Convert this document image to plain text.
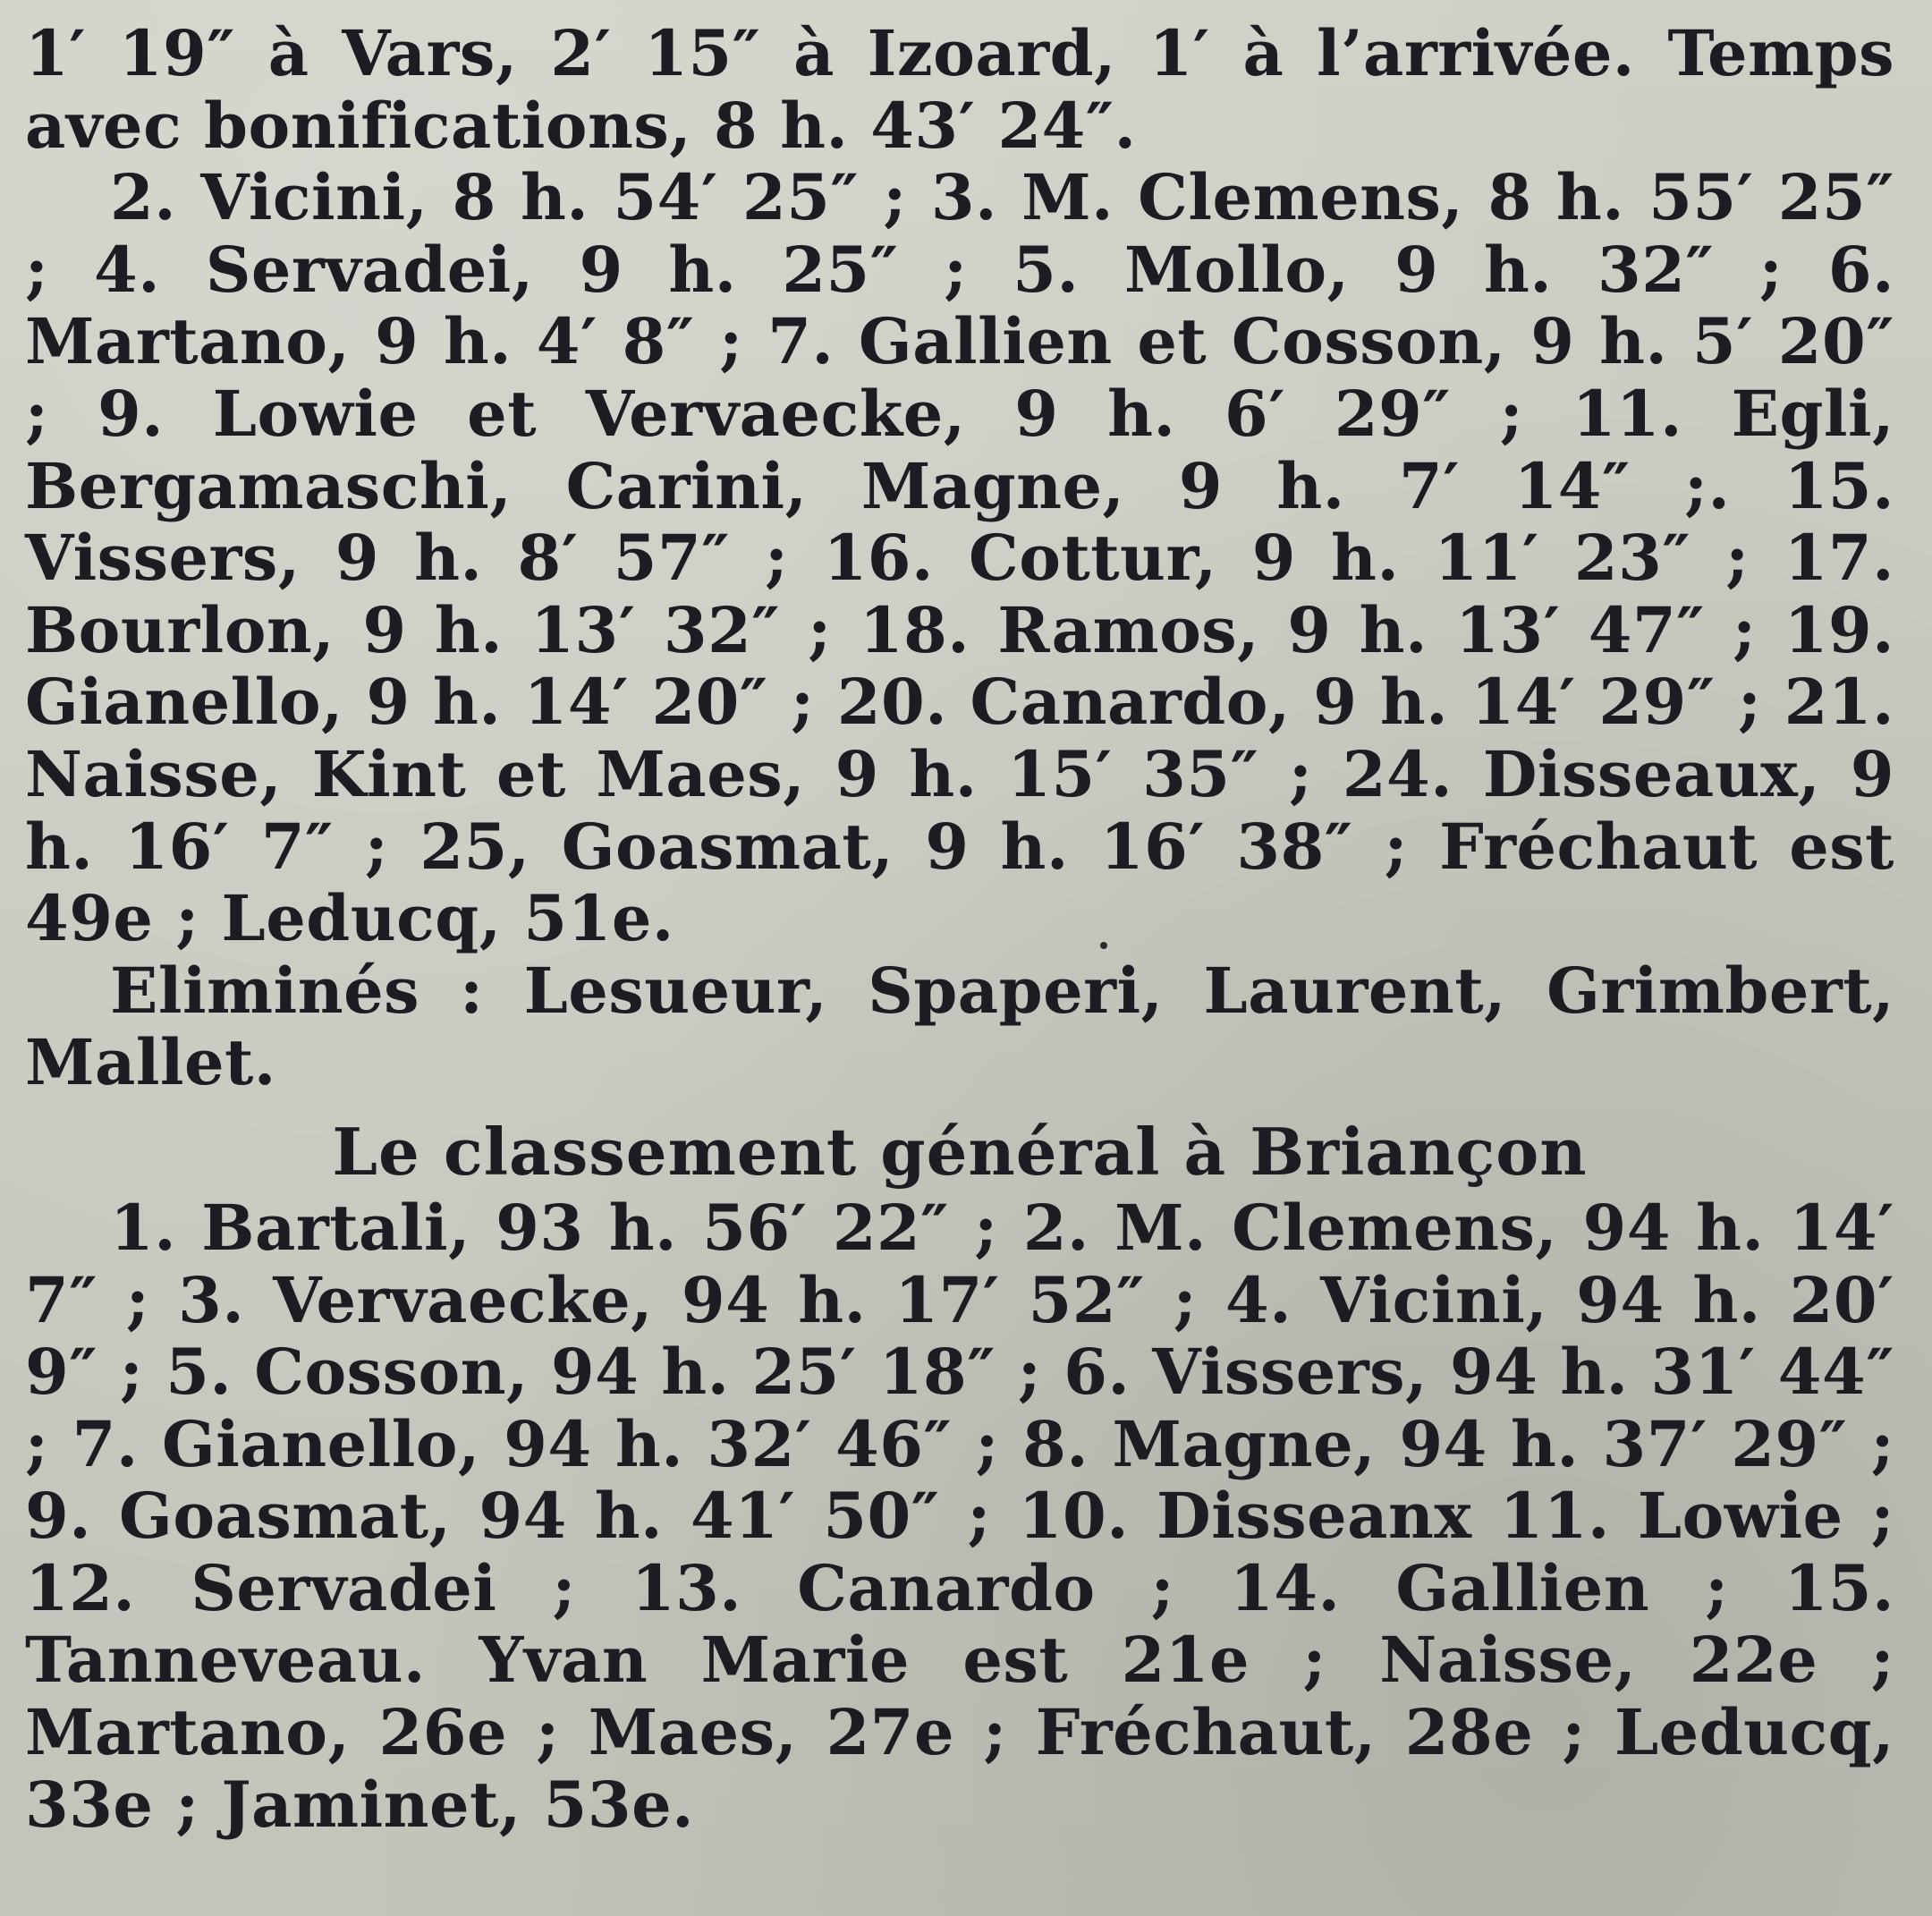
1′ 19″ à Vars, 2′ 15″ à Izoard, 1′ à l’arrivée. Temps avec bonifications, 8 h. 43′ 24″.

2. Vicini, 8 h. 54′ 25″ ; 3. M. Clemens, 8 h. 55′ 25″ ; 4. Servadei, 9 h. 25″ ; 5. Mollo, 9 h. 32″ ; 6. Martano, 9 h. 4′ 8″ ; 7. Gallien et Cosson, 9 h. 5′ 20″ ; 9. Lowie et Vervaecke, 9 h. 6′ 29″ ; 11. Egli, Bergamaschi, Carini, Magne, 9 h. 7′ 14″ ;. 15. Vissers, 9 h. 8′ 57″ ; 16. Cottur, 9 h. 11′ 23″ ; 17. Bourlon, 9 h. 13′ 32″ ; 18. Ramos, 9 h. 13′ 47″ ; 19. Gianello, 9 h. 14′ 20″ ; 20. Canardo, 9 h. 14′ 29″ ; 21. Naisse, Kint et Maes, 9 h. 15′ 35″ ; 24. Disseaux, 9 h. 16′ 7″ ; 25, Goasmat, 9 h. 16′ 38″ ; Fréchaut est 49e ; Leducq, 51e.

Eliminés : Lesueur, Spaperi, Laurent, Grimbert, Mallet.

Le classement général à Briançon

1. Bartali, 93 h. 56′ 22″ ; 2. M. Clemens, 94 h. 14′ 7″ ; 3. Vervaecke, 94 h. 17′ 52″ ; 4. Vicini, 94 h. 20′ 9″ ; 5. Cosson, 94 h. 25′ 18″ ; 6. Vissers, 94 h. 31′ 44″ ; 7. Gianello, 94 h. 32′ 46″ ; 8. Magne, 94 h. 37′ 29″ ; 9. Goasmat, 94 h. 41′ 50″ ; 10. Disseanx 11. Lowie ; 12. Servadei ; 13. Canardo ; 14. Gallien ; 15. Tanneveau. Yvan Marie est 21e ; Naisse, 22e ; Martano, 26e ; Maes, 27e ; Fréchaut, 28e ; Leducq, 33e ; Jaminet, 53e.
